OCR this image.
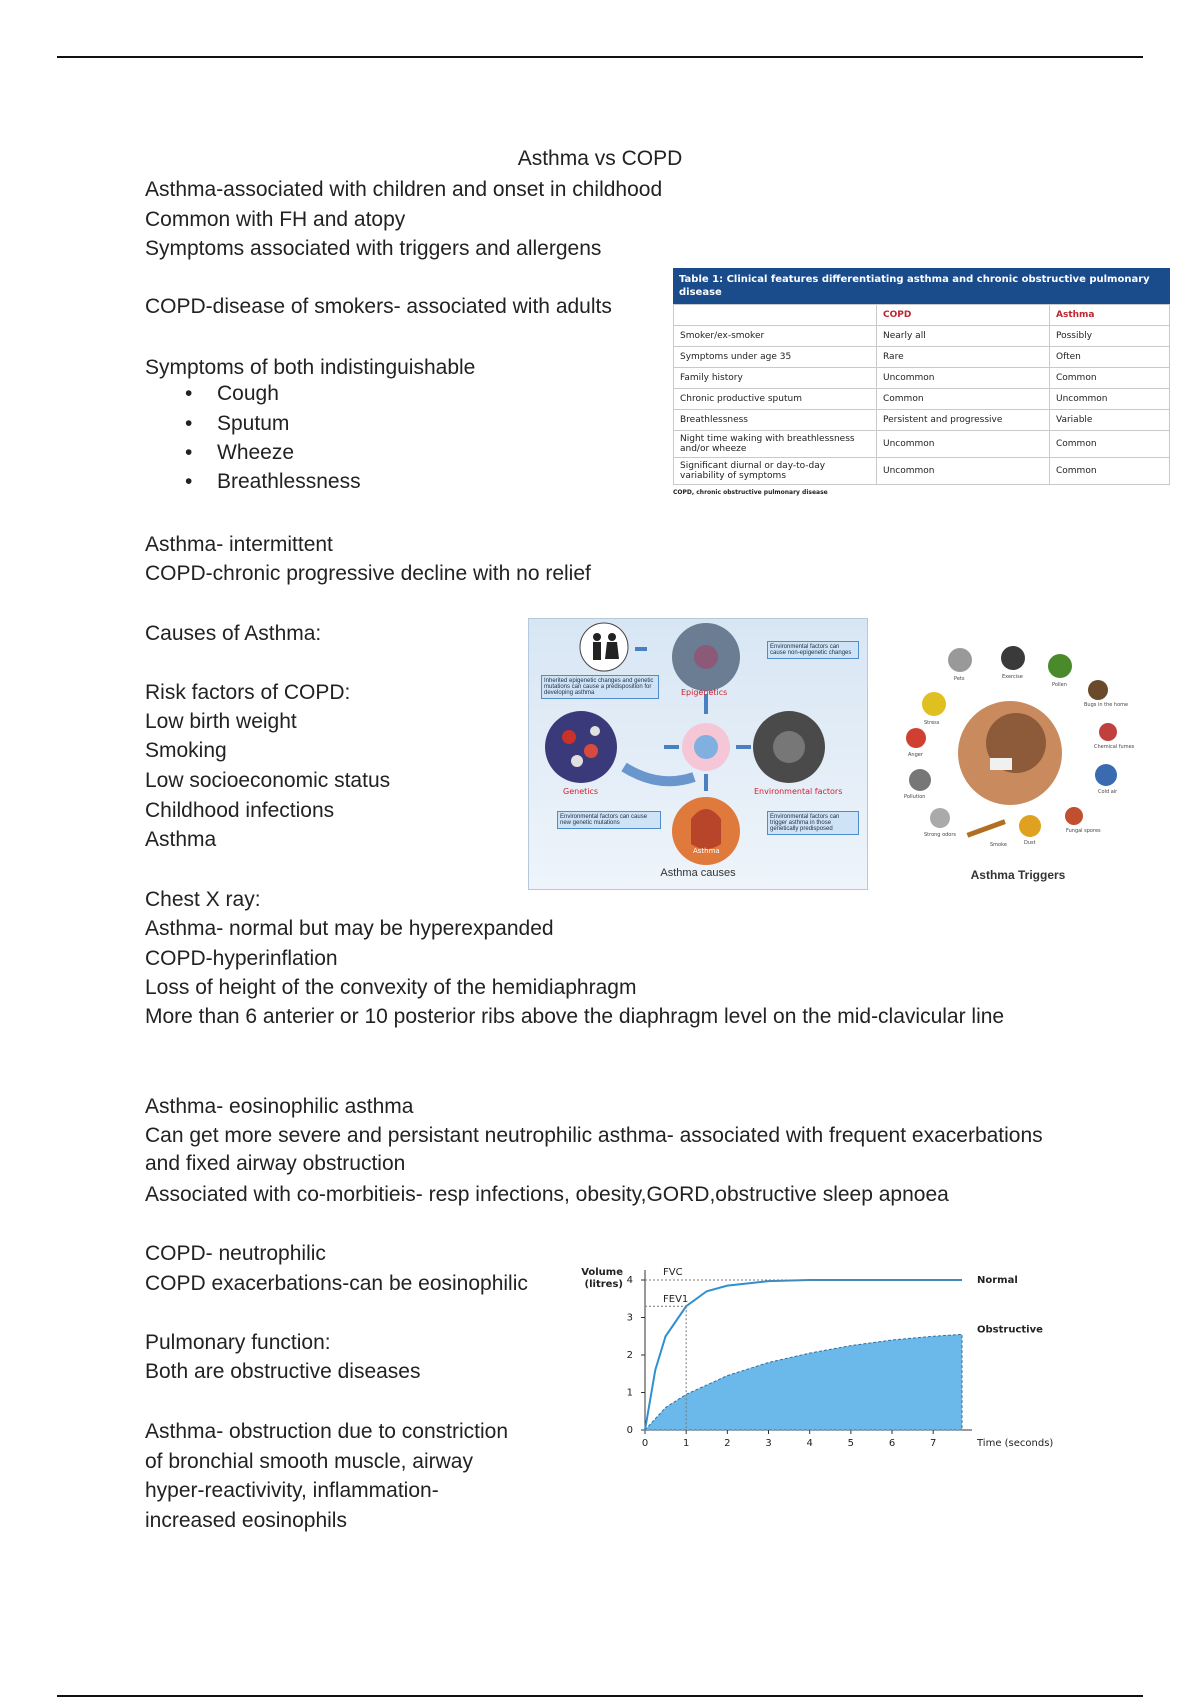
Asthma vs COPD
Asthma-associated with children and onset in childhood
Common with FH and atopy
Symptoms associated with triggers and allergens
COPD-disease of smokers- associated with adults
Symptoms of both indistinguishable
• Cough
• Sputum
• Wheeze
• Breathlessness
Asthma- intermittent
COPD-chronic progressive decline with no relief
Causes of Asthma:
Risk factors of COPD:
Low birth weight
Smoking
Low socioeconomic status
Childhood infections
Asthma
Chest X ray:
Asthma- normal but may be hyperexpanded
COPD-hyperinflation
Loss of height of the convexity of the hemidiaphragm
More than 6 anterier or 10 posterior ribs above the diaphragm level on the mid-clavicular line
Asthma- eosinophilic asthma
Can get more severe and persistant neutrophilic asthma- associated with frequent exacerbations and fixed airway obstruction
Associated with co-morbitieis- resp infections, obesity,GORD,obstructive sleep apnoea
COPD- neutrophilic
COPD exacerbations-can be eosinophilic
Pulmonary function:
Both are obstructive diseases
Asthma- obstruction due to constriction
of bronchial smooth muscle, airway
hyper-reactivivity, inflammation-
increased eosinophils
Table 1: Clinical features differentiating asthma and chronic obstructive pulmonary disease
	COPD	Asthma
Smoker/ex-smoker	Nearly all	Possibly
Symptoms under age 35	Rare	Often
Family history	Uncommon	Common
Chronic productive sputum	Common	Uncommon
Breathlessness	Persistent and progressive	Variable
Night time waking with breathlessness and/or wheeze	Uncommon	Common
Significant diurnal or day-to-day variability of symptoms	Uncommon	Common
COPD, chronic obstructive pulmonary disease
Epigenetics
Genetics	Environmental factors
Asthma
Environmental factors can cause non-epigenetic changes
Inherited epigenetic changes and genetic mutations can cause a predisposition for developing asthma
Environmental factors can cause new genetic mutations
Environmental factors can trigger asthma in those genetically predisposed
Asthma causes
Pets	Exercise
Pollen
Bugs in the home
Stress
Anger
Chemical fumes
Pollution
Cold air
Strong odors
Smoke	Dust
Fungal spores
Asthma Triggers
0
1
2
3
4
0	1	2	3	4	5	6	7
Volume
(litres)
Time (seconds)
FVC
FEV1
Normal
Obstructive
